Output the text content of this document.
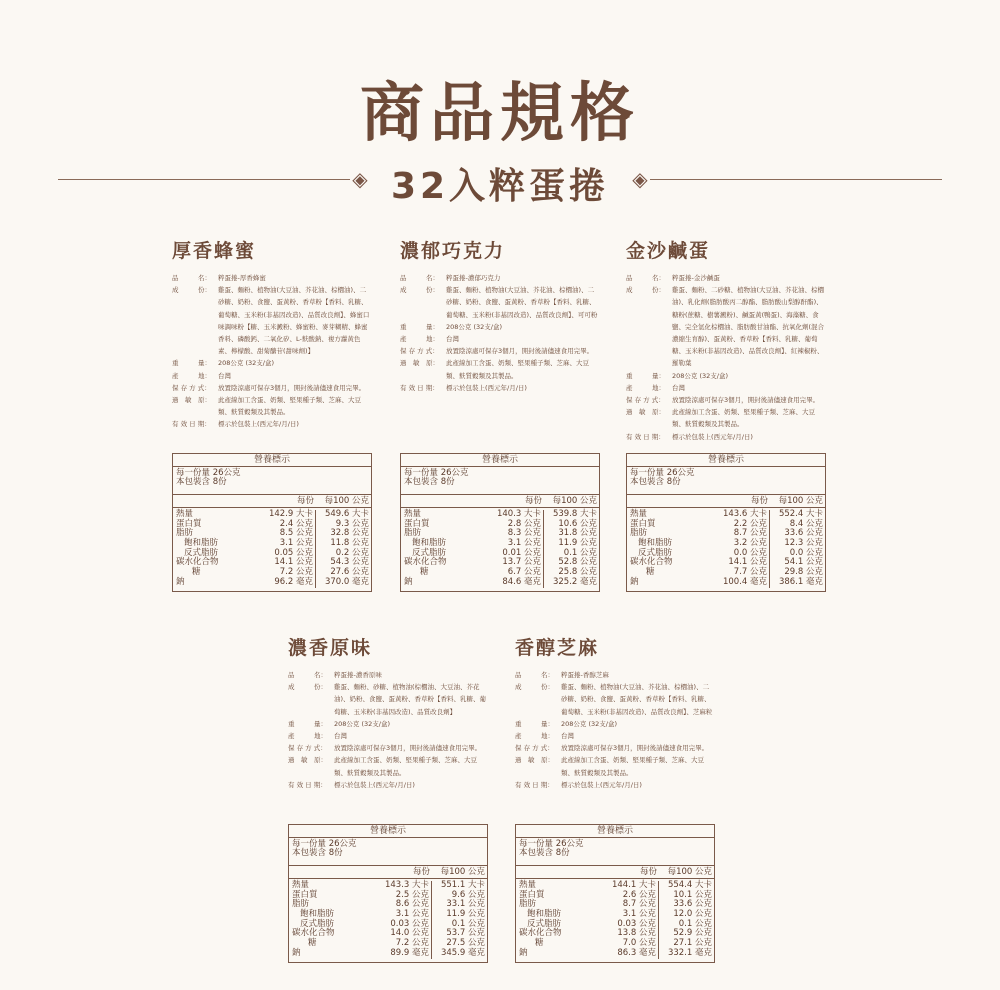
商品規格
◈ 32入粹蛋捲	◈
厚香蜂蜜
品　　　名：	粹蛋捲-厚香蜂蜜
成　　　份：	雞蛋、麵粉、植物油(大豆油、芥花油、棕櫚油)、二砂糖、奶粉、食鹽、蛋黃粉、香草粉【香料、乳糖、葡萄糖、玉米粉(非基因改造)、品質改良劑】、蜂蜜口味調味粉【糖、玉米澱粉、蜂蜜粉、麥芽糊精、蜂蜜香料、磷酸鈣、二氧化矽、L-麩酸鈉、複方蘿黃色素、檸檬酸、甜菊醣苷(甜味劑)】
重　　　量：	208公克 (32支/盒)
產　　　地：	台灣
保 存 方 式：	放置陰涼處可保存3個月，開封後請儘速食用完畢。
過　敏　原：	此產線加工含蛋、奶類、堅果種子類、芝麻、大豆類、麩質穀類及其製品。
有 效 日 期：	標示於包裝上(西元年/月/日)
營養標示
每一份量 26公克
本包裝含 8份
每份	每100 公克
熱量	142.9 大卡	549.6 大卡
蛋白質	2.4 公克	9.3 公克
脂肪	8.5 公克	32.8 公克
飽和脂肪	3.1 公克	11.8 公克
反式脂肪	0.05 公克	0.2 公克
碳水化合物	14.1 公克	54.3 公克
糖	7.2 公克	27.6 公克
鈉	96.2 毫克	370.0 毫克
濃郁巧克力
品　　　名：	粹蛋捲-濃郁巧克力
成　　　份：	雞蛋、麵粉、植物油(大豆油、芥花油、棕櫚油)、二砂糖、奶粉、食鹽、蛋黃粉、香草粉【香料、乳糖、葡萄糖、玉米粉(非基因改造)、品質改良劑】、可可粉
重　　　量：	208公克 (32支/盒)
產　　　地：	台灣
保 存 方 式：	放置陰涼處可保存3個月，開封後請儘速食用完畢。
過　敏　原：	此產線加工含蛋、奶類、堅果種子類、芝麻、大豆類、麩質穀類及其製品。
有 效 日 期：	標示於包裝上(西元年/月/日)
營養標示
每一份量 26公克
本包裝含 8份
每份	每100 公克
熱量	140.3 大卡	539.8 大卡
蛋白質	2.8 公克	10.6 公克
脂肪	8.3 公克	31.8 公克
飽和脂肪	3.1 公克	11.9 公克
反式脂肪	0.01 公克	0.1 公克
碳水化合物	13.7 公克	52.8 公克
糖	6.7 公克	25.8 公克
鈉	84.6 毫克	325.2 毫克
金沙鹹蛋
品　　　名：	粹蛋捲-金沙鹹蛋
成　　　份：	雞蛋、麵粉、二砂糖、植物油(大豆油、芥花油、棕櫚油)、乳化劑(脂肪酸丙二醇酯、脂肪酸山梨醇酐酯)、糖粉(蔗糖、樹薯澱粉)、鹹蛋黃(鴨蛋)、海藻糖、食鹽、完全氫化棕櫚油、脂肪酸甘油酯、抗氧化劑(混合濃縮生育醇)、蛋黃粉、香草粉【香料、乳糖、葡萄糖、玉米粉(非基因改造)、品質改良劑】、紅辣椒粉、羅勒葉
重　　　量：	208公克 (32支/盒)
產　　　地：	台灣
保 存 方 式：	放置陰涼處可保存3個月，開封後請儘速食用完畢。
過　敏　原：	此產線加工含蛋、奶類、堅果種子類、芝麻、大豆類、麩質穀類及其製品。
有 效 日 期：	標示於包裝上(西元年/月/日)
營養標示
每一份量 26公克
本包裝含 8份
每份	每100 公克
熱量	143.6 大卡	552.4 大卡
蛋白質	2.2 公克	8.4 公克
脂肪	8.7 公克	33.6 公克
飽和脂肪	3.2 公克	12.3 公克
反式脂肪	0.0 公克	0.0 公克
碳水化合物	14.1 公克	54.1 公克
糖	7.7 公克	29.8 公克
鈉	100.4 毫克	386.1 毫克
濃香原味
品　　　名：	粹蛋捲-濃香原味
成　　　份：	雞蛋、麵粉、砂糖、植物油(棕櫚油、大豆油、芥花油)、奶粉、食鹽、蛋黃粉、香草粉【香料、乳糖、葡萄糖、玉米粉(非基因改造)、品質改良劑】
重　　　量：	208公克 (32支/盒)
產　　　地：	台灣
保 存 方 式：	放置陰涼處可保存3個月，開封後請儘速食用完畢。
過　敏　原：	此產線加工含蛋、奶類、堅果種子類、芝麻、大豆類、麩質穀類及其製品。
有 效 日 期：	標示於包裝上(西元年/月/日)
營養標示
每一份量 26公克
本包裝含 8份
每份	每100 公克
熱量	143.3 大卡	551.1 大卡
蛋白質	2.5 公克	9.6 公克
脂肪	8.6 公克	33.1 公克
飽和脂肪	3.1 公克	11.9 公克
反式脂肪	0.03 公克	0.1 公克
碳水化合物	14.0 公克	53.7 公克
糖	7.2 公克	27.5 公克
鈉	89.9 毫克	345.9 毫克
香醇芝麻
品　　　名：	粹蛋捲-香醇芝麻
成　　　份：	雞蛋、麵粉、植物油(大豆油、芥花油、棕櫚油)、二砂糖、奶粉、食鹽、蛋黃粉、香草粉【香料、乳糖、葡萄糖、玉米粉(非基因改造)、品質改良劑】、芝麻粒
重　　　量：	208公克 (32支/盒)
產　　　地：	台灣
保 存 方 式：	放置陰涼處可保存3個月，開封後請儘速食用完畢。
過　敏　原：	此產線加工含蛋、奶類、堅果種子類、芝麻、大豆類、麩質穀類及其製品。
有 效 日 期：	標示於包裝上(西元年/月/日)
營養標示
每一份量 26公克
本包裝含 8份
每份	每100 公克
熱量	144.1 大卡	554.4 大卡
蛋白質	2.6 公克	10.1 公克
脂肪	8.7 公克	33.6 公克
飽和脂肪	3.1 公克	12.0 公克
反式脂肪	0.03 公克	0.1 公克
碳水化合物	13.8 公克	52.9 公克
糖	7.0 公克	27.1 公克
鈉	86.3 毫克	332.1 毫克
